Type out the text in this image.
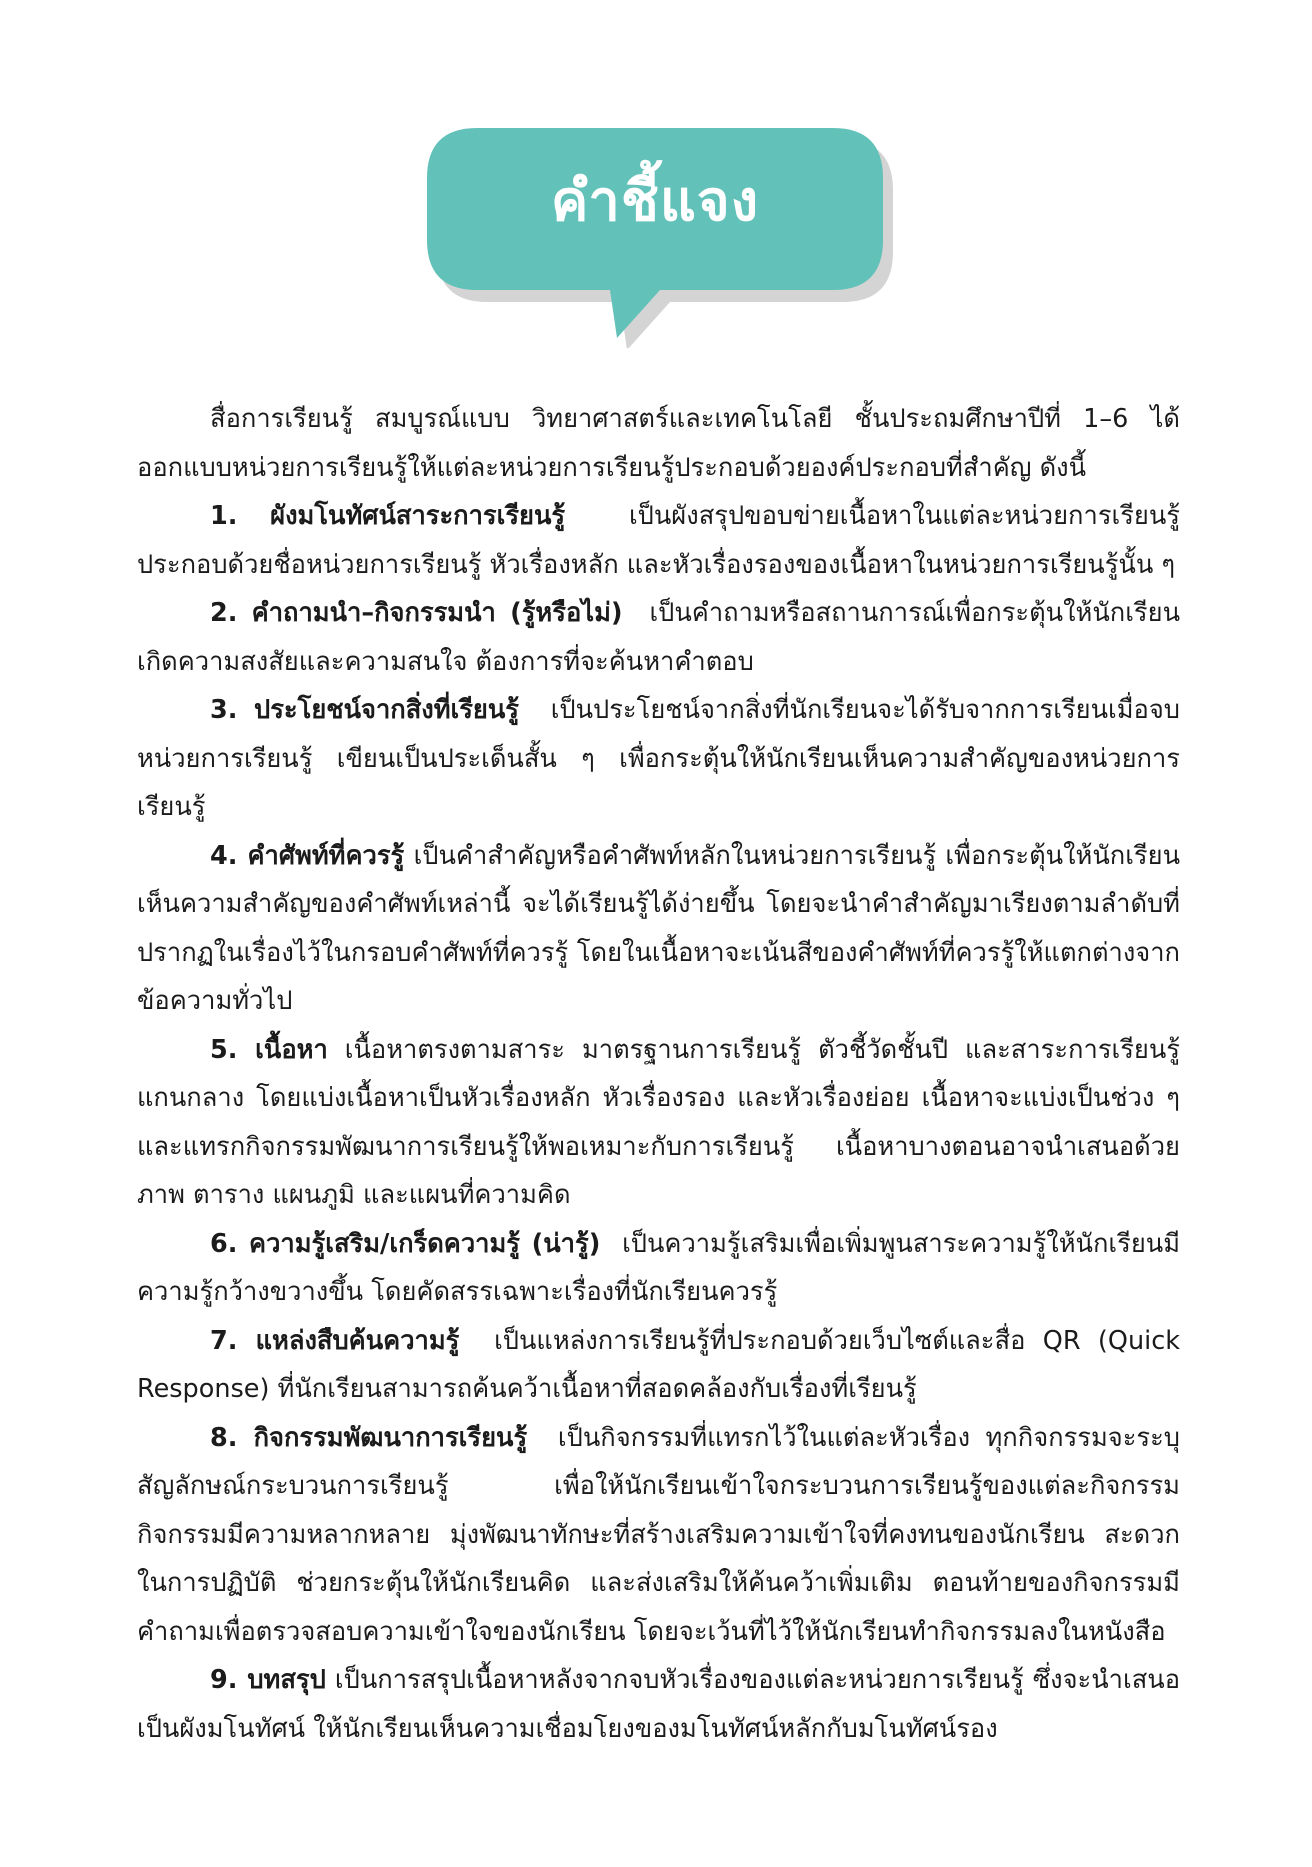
คำชี้แจง

สื่อการเรียนรู้ สมบูรณ์แบบ วิทยาศาสตร์และเทคโนโลยี ชั้นประถมศึกษาปีที่ 1–6 ได้ออกแบบหน่วยการเรียนรู้ให้แต่ละหน่วยการเรียนรู้ประกอบด้วยองค์ประกอบที่สำคัญ ดังนี้

1. ผังมโนทัศน์สาระการเรียนรู้	เป็นผังสรุปขอบข่ายเนื้อหาในแต่ละหน่วยการเรียนรู้ประกอบด้วยชื่อหน่วยการเรียนรู้ หัวเรื่องหลัก และหัวเรื่องรองของเนื้อหาในหน่วยการเรียนรู้นั้น ๆ

2. คำถามนำ–กิจกรรมนำ (รู้หรือไม่) เป็นคำถามหรือสถานการณ์เพื่อกระตุ้นให้นักเรียนเกิดความสงสัยและความสนใจ ต้องการที่จะค้นหาคำตอบ

3. ประโยชน์จากสิ่งที่เรียนรู้ เป็นประโยชน์จากสิ่งที่นักเรียนจะได้รับจากการเรียนเมื่อจบหน่วยการเรียนรู้ เขียนเป็นประเด็นสั้น ๆ เพื่อกระตุ้นให้นักเรียนเห็นความสำคัญของหน่วยการเรียนรู้

4. คำศัพท์ที่ควรรู้ เป็นคำสำคัญหรือคำศัพท์หลักในหน่วยการเรียนรู้ เพื่อกระตุ้นให้นักเรียนเห็นความสำคัญของคำศัพท์เหล่านี้ จะได้เรียนรู้ได้ง่ายขึ้น โดยจะนำคำสำคัญมาเรียงตามลำดับที่ปรากฏในเรื่องไว้ในกรอบคำศัพท์ที่ควรรู้ โดยในเนื้อหาจะเน้นสีของคำศัพท์ที่ควรรู้ให้แตกต่างจากข้อความทั่วไป

5. เนื้อหา เนื้อหาตรงตามสาระ มาตรฐานการเรียนรู้ ตัวชี้วัดชั้นปี และสาระการเรียนรู้แกนกลาง โดยแบ่งเนื้อหาเป็นหัวเรื่องหลัก หัวเรื่องรอง และหัวเรื่องย่อย เนื้อหาจะแบ่งเป็นช่วง ๆ และแทรกกิจกรรมพัฒนาการเรียนรู้ให้พอเหมาะกับการเรียนรู้ เนื้อหาบางตอนอาจนำเสนอด้วยภาพ ตาราง แผนภูมิ และแผนที่ความคิด

6. ความรู้เสริม/เกร็ดความรู้ (น่ารู้) เป็นความรู้เสริมเพื่อเพิ่มพูนสาระความรู้ให้นักเรียนมีความรู้กว้างขวางขึ้น โดยคัดสรรเฉพาะเรื่องที่นักเรียนควรรู้

7. แหล่งสืบค้นความรู้ เป็นแหล่งการเรียนรู้ที่ประกอบด้วยเว็บไซต์และสื่อ QR (Quick Response) ที่นักเรียนสามารถค้นคว้าเนื้อหาที่สอดคล้องกับเรื่องที่เรียนรู้

8. กิจกรรมพัฒนาการเรียนรู้ เป็นกิจกรรมที่แทรกไว้ในแต่ละหัวเรื่อง ทุกกิจกรรมจะระบุสัญลักษณ์กระบวนการเรียนรู้ เพื่อให้นักเรียนเข้าใจกระบวนการเรียนรู้ของแต่ละกิจกรรม กิจกรรมมีความหลากหลาย มุ่งพัฒนาทักษะที่สร้างเสริมความเข้าใจที่คงทนของนักเรียน สะดวกในการปฏิบัติ ช่วยกระตุ้นให้นักเรียนคิด และส่งเสริมให้ค้นคว้าเพิ่มเติม ตอนท้ายของกิจกรรมมีคำถามเพื่อตรวจสอบความเข้าใจของนักเรียน โดยจะเว้นที่ไว้ให้นักเรียนทำกิจกรรมลงในหนังสือ

9. บทสรุป เป็นการสรุปเนื้อหาหลังจากจบหัวเรื่องของแต่ละหน่วยการเรียนรู้ ซึ่งจะนำเสนอเป็นผังมโนทัศน์ ให้นักเรียนเห็นความเชื่อมโยงของมโนทัศน์หลักกับมโนทัศน์รอง
